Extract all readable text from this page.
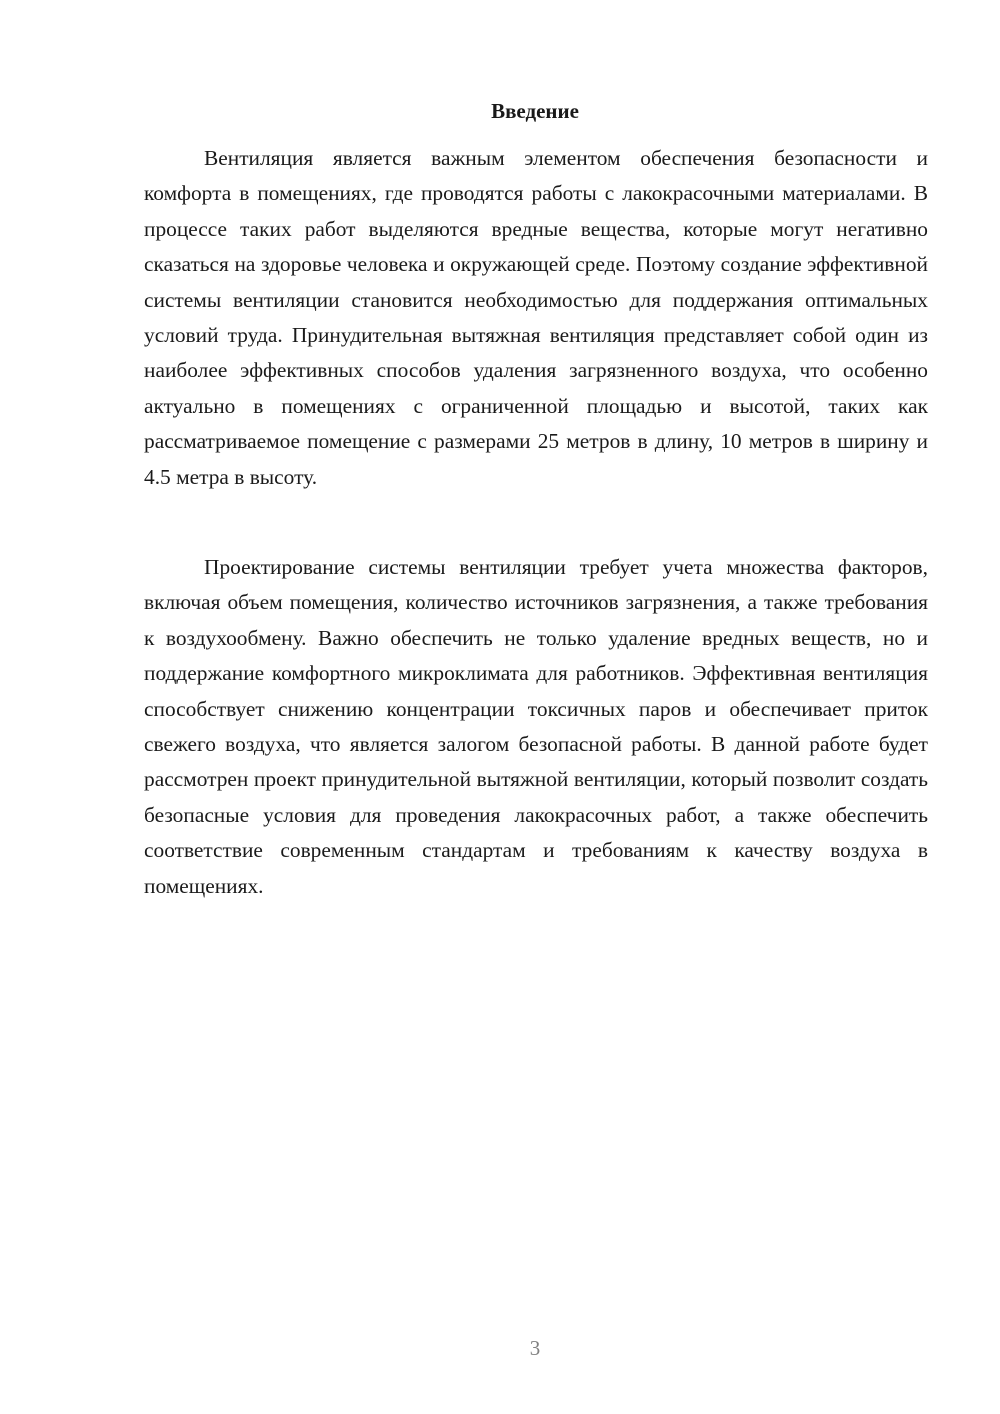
Введение

Вентиляция является важным элементом обеспечения безопасности и комфорта в помещениях, где проводятся работы с лакокрасочными материалами. В процессе таких работ выделяются вредные вещества, которые могут негативно сказаться на здоровье человека и окружающей среде. Поэтому создание эффективной системы вентиляции становится необходимостью для поддержания оптимальных условий труда. Принудительная вытяжная вентиляция представляет собой один из наиболее эффективных способов удаления загрязненного воздуха, что особенно актуально в помещениях с ограниченной площадью и высотой, таких как рассматриваемое помещение с размерами 25 метров в длину, 10 метров в ширину и 4.5 метра в высоту.

Проектирование системы вентиляции требует учета множества факторов, включая объем помещения, количество источников загрязнения, а также требования к воздухообмену. Важно обеспечить не только удаление вредных веществ, но и поддержание комфортного микроклимата для работников. Эффективная вентиляция способствует снижению концентрации токсичных паров и обеспечивает приток свежего воздуха, что является залогом безопасной работы. В данной работе будет рассмотрен проект принудительной вытяжной вентиляции, который позволит создать безопасные условия для проведения лакокрасочных работ, а также обеспечить соответствие современным стандартам и требованиям к качеству воздуха в помещениях.

3
